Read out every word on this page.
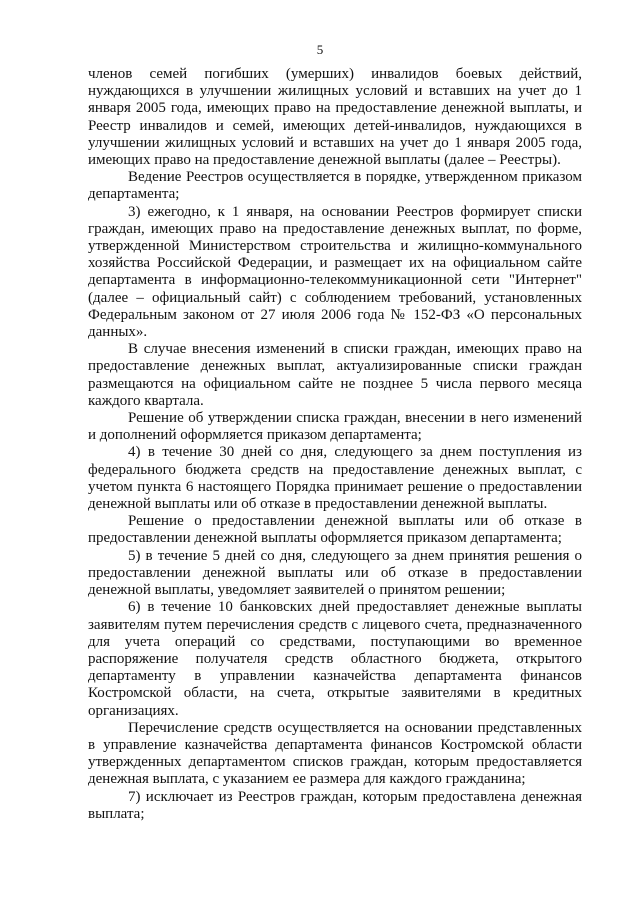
5

членов семей погибших (умерших) инвалидов боевых действий, нуждающихся в улучшении жилищных условий и вставших на учет до 1 января 2005 года, имеющих право на предоставление денежной выплаты, и Реестр инвалидов и семей, имеющих детей-инвалидов, нуждающихся в улучшении жилищных условий и вставших на учет до 1 января 2005 года, имеющих право на предоставление денежной выплаты (далее – Реестры).

Ведение Реестров осуществляется в порядке, утвержденном приказом департамента;

3) ежегодно, к 1 января, на основании Реестров формирует списки граждан, имеющих право на предоставление денежных выплат, по форме, утвержденной Министерством строительства и жилищно-коммунального хозяйства Российской Федерации, и размещает их на официальном сайте департамента в информационно-телекоммуникационной сети "Интернет" (далее – официальный сайт) с соблюдением требований, установленных Федеральным законом от 27 июля 2006 года № 152-ФЗ «О персональных данных».

В случае внесения изменений в списки граждан, имеющих право на предоставление денежных выплат, актуализированные списки граждан размещаются на официальном сайте не позднее 5 числа первого месяца каждого квартала.

Решение об утверждении списка граждан, внесении в него изменений и дополнений оформляется приказом департамента;

4) в течение 30 дней со дня, следующего за днем поступления из федерального бюджета средств на предоставление денежных выплат, с учетом пункта 6 настоящего Порядка принимает решение о предоставлении денежной выплаты или об отказе в предоставлении денежной выплаты.

Решение о предоставлении денежной выплаты или об отказе в предоставлении денежной выплаты оформляется приказом департамента;

5) в течение 5 дней со дня, следующего за днем принятия решения о предоставлении денежной выплаты или об отказе в предоставлении денежной выплаты, уведомляет заявителей о принятом решении;

6) в течение 10 банковских дней предоставляет денежные выплаты заявителям путем перечисления средств с лицевого счета, предназначенного для учета операций со средствами, поступающими во временное распоряжение получателя средств областного бюджета, открытого департаменту в управлении казначейства департамента финансов Костромской области, на счета, открытые заявителями в кредитных организациях.

Перечисление средств осуществляется на основании представленных в управление казначейства департамента финансов Костромской области утвержденных департаментом списков граждан, которым предоставляется денежная выплата, с указанием ее размера для каждого гражданина;

7) исключает из Реестров граждан, которым предоставлена денежная выплата;
